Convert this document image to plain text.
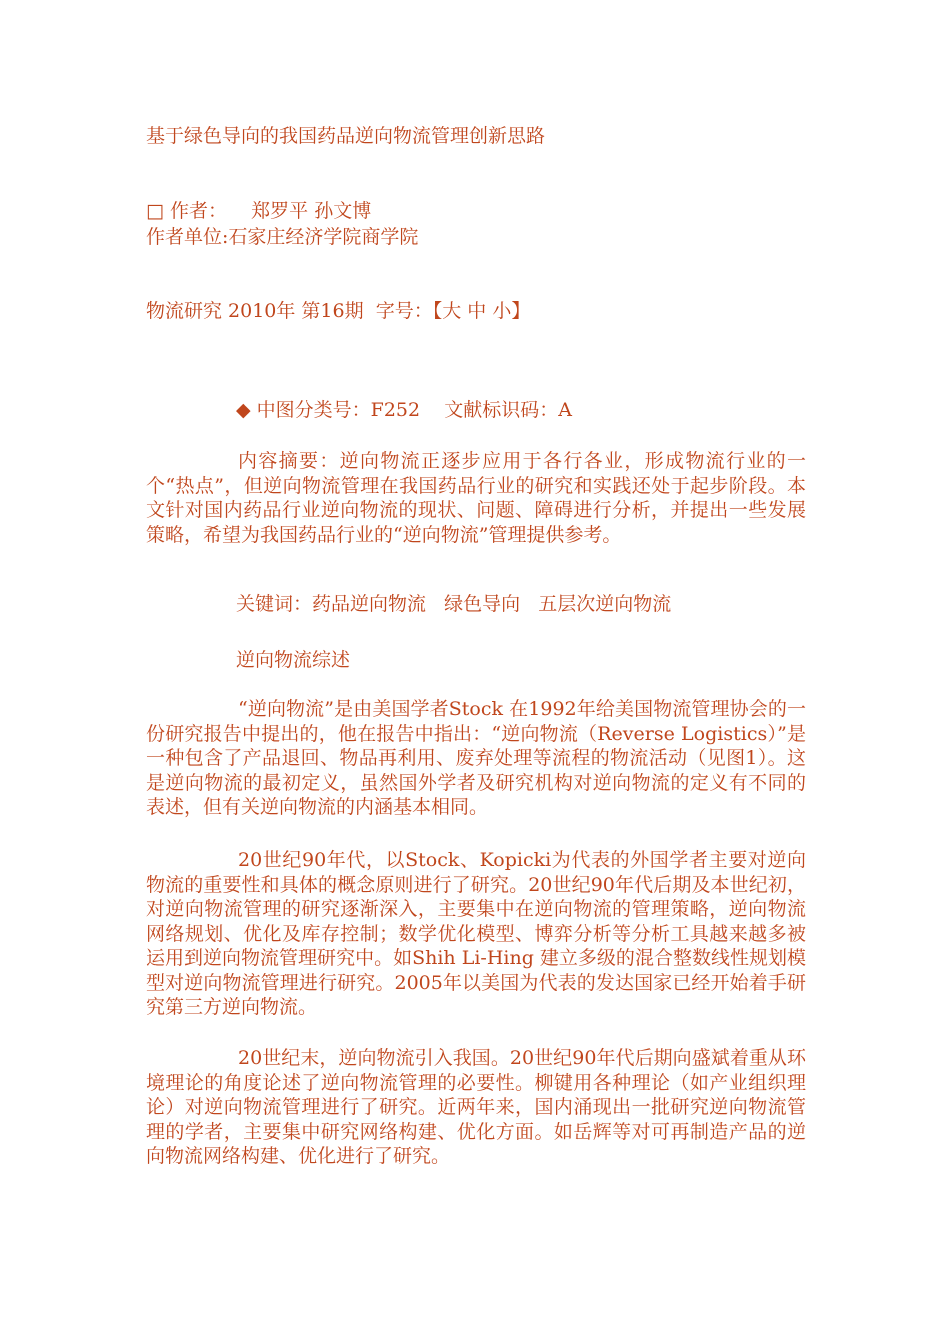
基于绿色导向的我国药品逆向物流管理创新思路

□ 作者：    郑罗平 孙文博

作者单位:石家庄经济学院商学院

物流研究 2010年 第16期  字号：【大 中 小】
◆ 中图分类号：F252    文献标识码：A

内容摘要：逆向物流正逐步应用于各行各业，形成物流行业的一个“热点”，但逆向物流管理在我国药品行业的研究和实践还处于起步阶段。本文针对国内药品行业逆向物流的现状、问题、障碍进行分析，并提出一些发展策略，希望为我国药品行业的“逆向物流”管理提供参考。

关键词：药品逆向物流   绿色导向   五层次逆向物流

逆向物流综述

“逆向物流”是由美国学者Stock 在1992年给美国物流管理协会的一份研究报告中提出的，他在报告中指出：“逆向物流（Reverse Logistics）”是一种包含了产品退回、物品再利用、废弃处理等流程的物流活动（见图1）。这是逆向物流的最初定义，虽然国外学者及研究机构对逆向物流的定义有不同的表述，但有关逆向物流的内涵基本相同。

20世纪90年代，以Stock、Kopicki为代表的外国学者主要对逆向物流的重要性和具体的概念原则进行了研究。20世纪90年代后期及本世纪初，对逆向物流管理的研究逐渐深入，主要集中在逆向物流的管理策略，逆向物流网络规划、优化及库存控制；数学优化模型、博弈分析等分析工具越来越多被运用到逆向物流管理研究中。如Shih Li-Hing 建立多级的混合整数线性规划模型对逆向物流管理进行研究。2005年以美国为代表的发达国家已经开始着手研究第三方逆向物流。

20世纪末，逆向物流引入我国。20世纪90年代后期向盛斌着重从环境理论的角度论述了逆向物流管理的必要性。柳键用各种理论（如产业组织理论）对逆向物流管理进行了研究。近两年来，国内涌现出一批研究逆向物流管理的学者，主要集中研究网络构建、优化方面。如岳辉等对可再制造产品的逆向物流网络构建、优化进行了研究。
